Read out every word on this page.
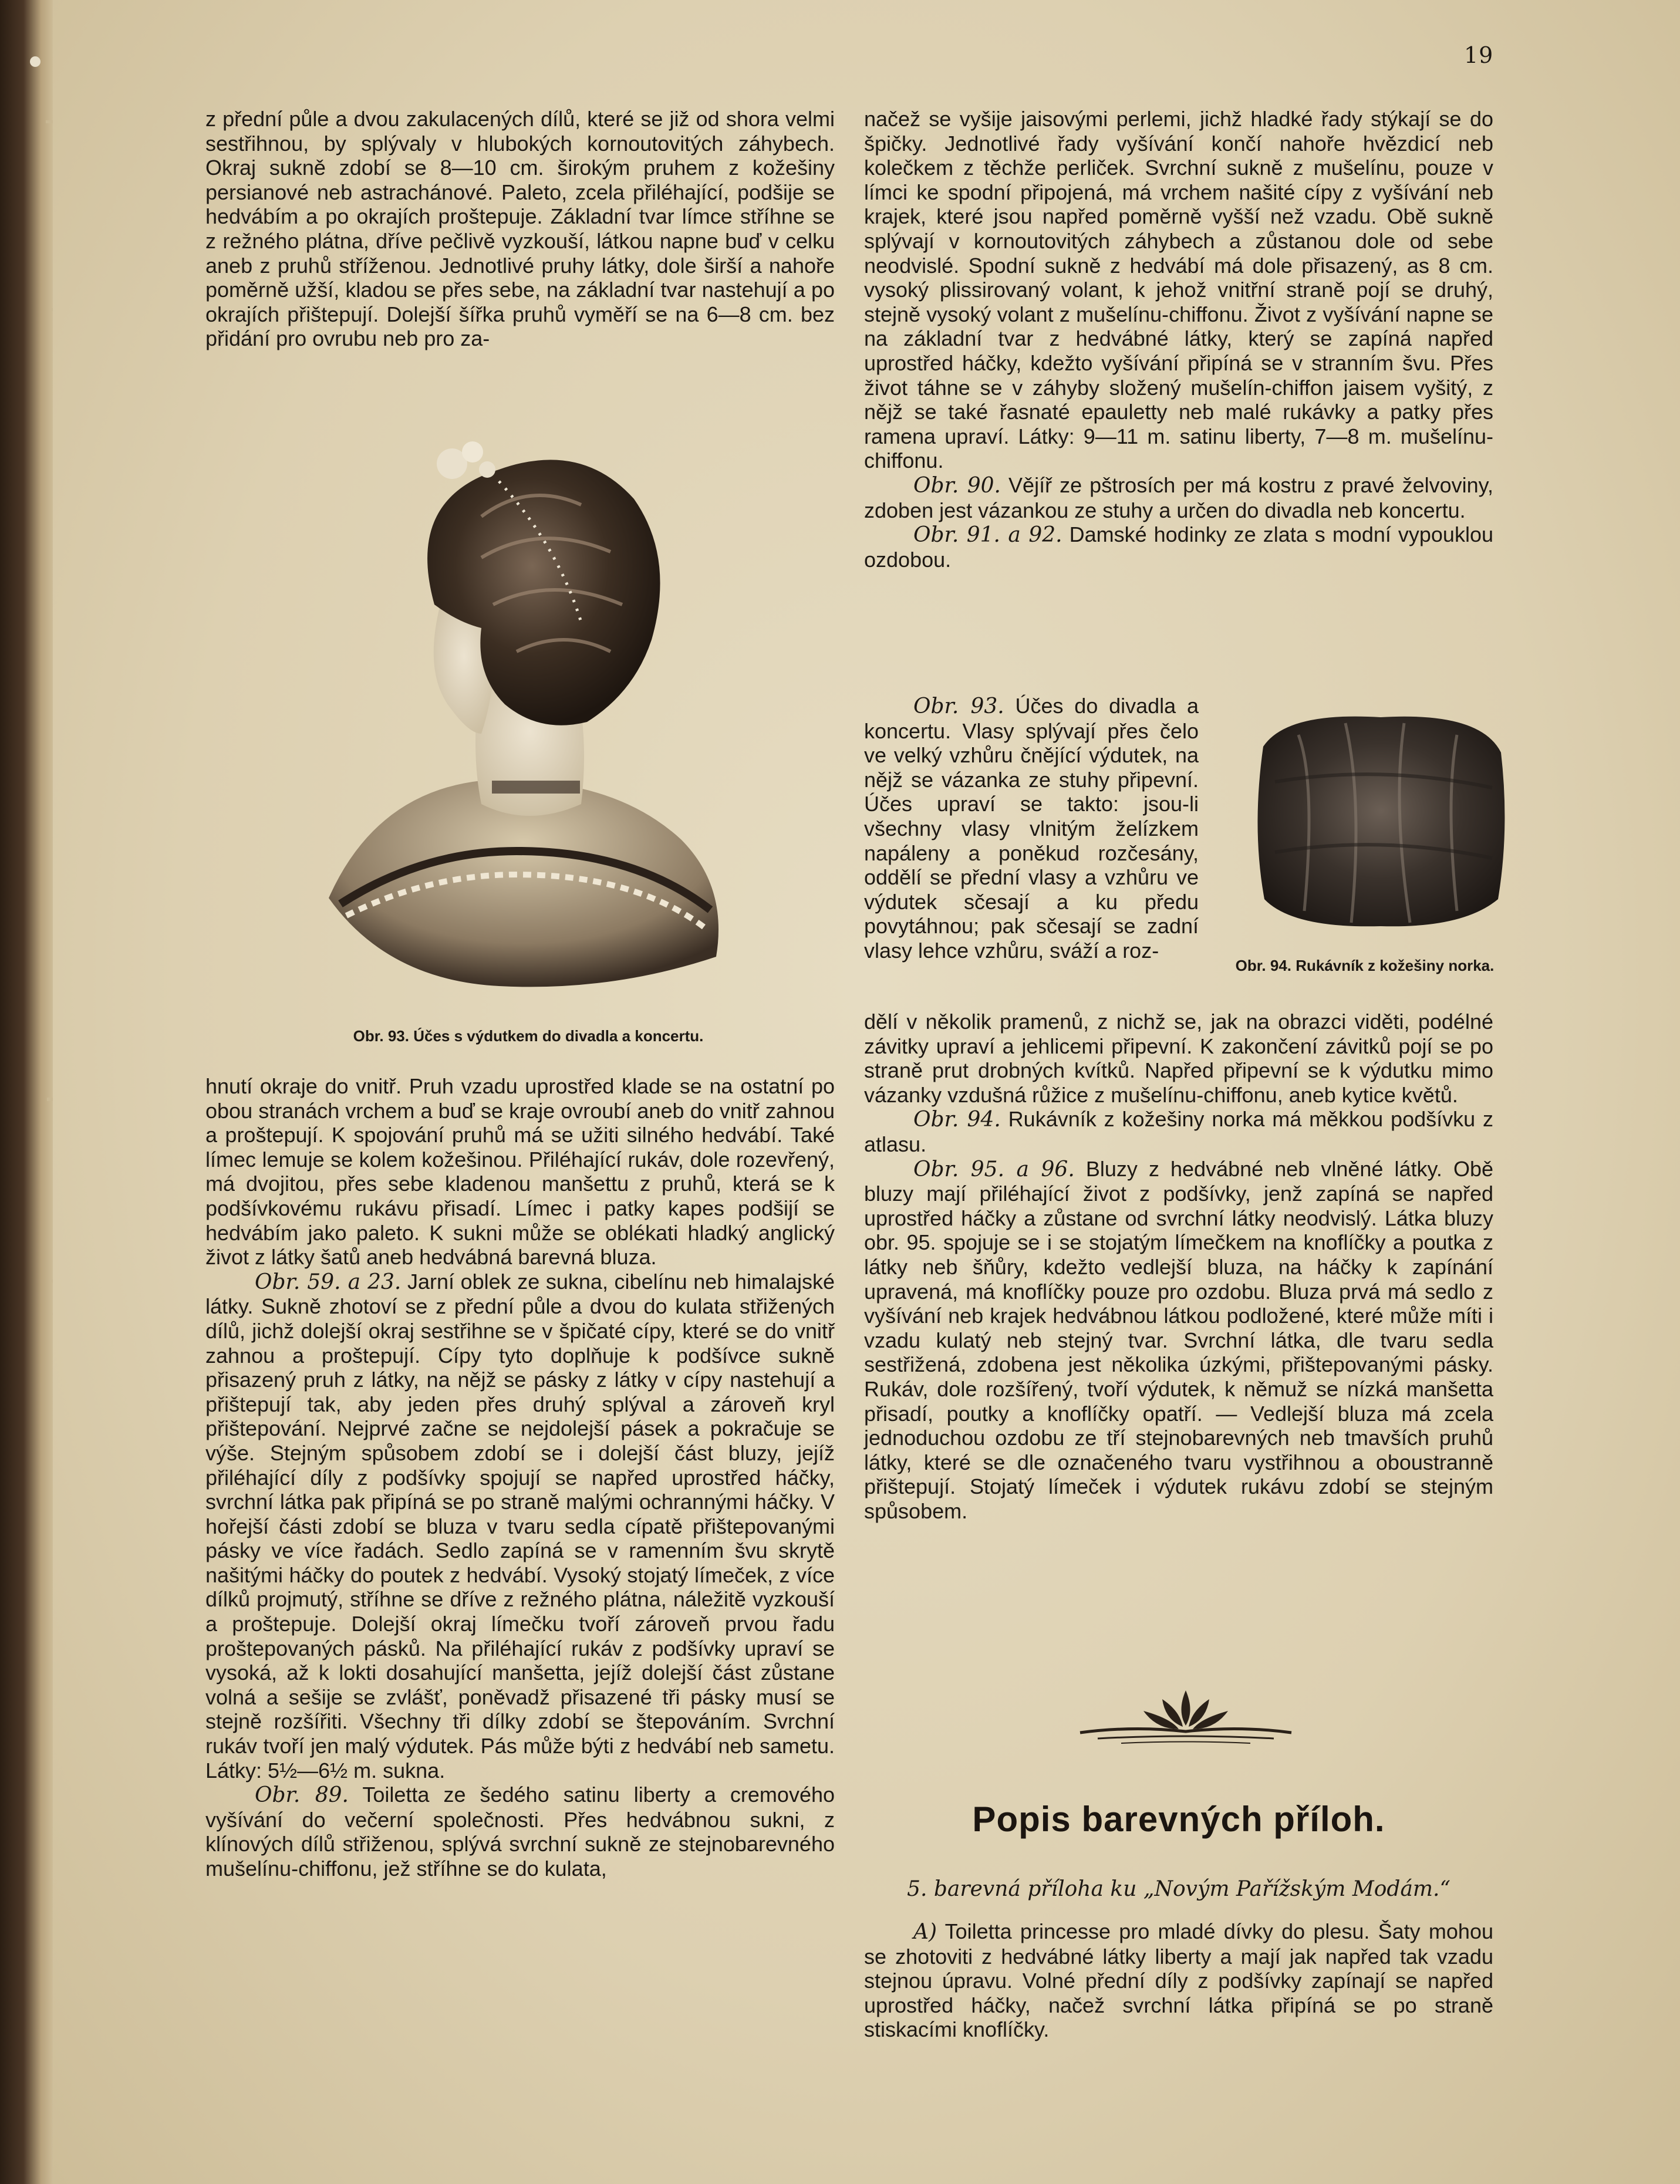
19

z přední půle a dvou zakulacených dílů, které se již od shora velmi sestřihnou, by splývaly v hlubokých kornoutovitých záhybech. Okraj sukně zdobí se 8—10 cm. širokým pruhem z kožešiny persianové neb astrachánové. Paleto, zcela přiléhající, podšije se hedvábím a po okrajích proštepuje. Základní tvar límce stříhne se z režného plátna, dříve pečlivě vyzkouší, látkou napne buď v celku aneb z pruhů stříženou. Jednotlivé pruhy látky, dole širší a nahoře poměrně užší, kladou se přes sebe, na základní tvar nastehují a po okrajích přištepují. Dolejší šířka pruhů vyměří se na 6—8 cm. bez přidání pro ovrubu neb pro za-

Obr. 93. Účes s výdutkem do divadla a koncertu.

hnutí okraje do vnitř. Pruh vzadu uprostřed klade se na ostatní po obou stranách vrchem a buď se kraje ovroubí aneb do vnitř zahnou a proštepují. K spojování pruhů má se užiti silného hedvábí. Také límec lemuje se kolem kožešinou. Přiléhající rukáv, dole rozevřený, má dvojitou, přes sebe kladenou manšettu z pruhů, která se k podšívkovému rukávu přisadí. Límec i patky kapes podšijí se hedvábím jako paleto. K sukni může se oblékati hladký anglický život z látky šatů aneb hedvábná barevná bluza.

Obr. 59. a 23. Jarní oblek ze sukna, cibelínu neb himalajské látky. Sukně zhotoví se z přední půle a dvou do kulata střižených dílů, jichž dolejší okraj sestřihne se v špičaté cípy, které se do vnitř zahnou a proštepují. Cípy tyto doplňuje k podšívce sukně přisazený pruh z látky, na nějž se pásky z látky v cípy nastehují a přištepují tak, aby jeden přes druhý splýval a zároveň kryl přištepování. Nejprvé začne se nejdolejší pásek a pokračuje se výše. Stejným spůsobem zdobí se i dolejší část bluzy, jejíž přiléhající díly z podšívky spojují se napřed uprostřed háčky, svrchní látka pak připíná se po straně malými ochrannými háčky. V hořejší části zdobí se bluza v tvaru sedla cípatě přištepovanými pásky ve více řadách. Sedlo zapíná se v ramenním švu skrytě našitými háčky do poutek z hedvábí. Vysoký stojatý límeček, z více dílků projmutý, stříhne se dříve z režného plátna, náležitě vyzkouší a proštepuje. Dolejší okraj límečku tvoří zároveň prvou řadu proštepovaných pásků. Na přiléhající rukáv z podšívky upraví se vysoká, až k lokti dosahující manšetta, jejíž dolejší část zůstane volná a sešije se zvlášť, poněvadž přisazené tři pásky musí se stejně rozšířiti. Všechny tři dílky zdobí se štepováním. Svrchní rukáv tvoří jen malý výdutek. Pás může býti z hedvábí neb sametu. Látky: 5½—6½ m. sukna.

Obr. 89. Toiletta ze šedého satinu liberty a cremového vyšívání do večerní společnosti. Přes hedvábnou sukni, z klínových dílů střiženou, splývá svrchní sukně ze stejnobarevného mušelínu-chiffonu, jež stříhne se do kulata,

načež se vyšije jaisovými perlemi, jichž hladké řady stýkají se do špičky. Jednotlivé řady vyšívání končí nahoře hvězdicí neb kolečkem z těchže perliček. Svrchní sukně z mušelínu, pouze v límci ke spodní připojená, má vrchem našité cípy z vyšívání neb krajek, které jsou napřed poměrně vyšší než vzadu. Obě sukně splývají v kornoutovitých záhybech a zůstanou dole od sebe neodvislé. Spodní sukně z hedvábí má dole přisazený, as 8 cm. vysoký plissirovaný volant, k jehož vnitřní straně pojí se druhý, stejně vysoký volant z mušelínu-chiffonu. Život z vyšívání napne se na základní tvar z hedvábné látky, který se zapíná napřed uprostřed háčky, kdežto vyšívání připíná se v stranním švu. Přes život táhne se v záhyby složený mušelín-chiffon jaisem vyšitý, z nějž se také řasnaté epauletty neb malé rukávky a patky přes ramena upraví. Látky: 9—11 m. satinu liberty, 7—8 m. mušelínu-chiffonu.

Obr. 90. Vějíř ze pštrosích per má kostru z pravé želvoviny, zdoben jest vázankou ze stuhy a určen do divadla neb koncertu.

Obr. 91. a 92. Damské hodinky ze zlata s modní vypouklou ozdobou.

Obr. 93. Účes do divadla a koncertu. Vlasy splývají přes čelo ve velký vzhůru čnějící výdutek, na nějž se vázanka ze stuhy připevní. Účes upraví se takto: jsou-li všechny vlasy vlnitým želízkem napáleny a poněkud rozčesány, oddělí se přední vlasy a vzhůru ve výdutek sčesají a ku předu povytáhnou; pak sčesají se zadní vlasy lehce vzhůru, sváží a roz-

Obr. 94. Rukávník z kožešiny norka.

dělí v několik pramenů, z nichž se, jak na obrazci viděti, podélné závitky upraví a jehlicemi připevní. K zakončení závitků pojí se po straně prut drobných kvítků. Napřed připevní se k výdutku mimo vázanky vzdušná růžice z mušelínu-chiffonu, aneb kytice květů.

Obr. 94. Rukávník z kožešiny norka má měkkou podšívku z atlasu.

Obr. 95. a 96. Bluzy z hedvábné neb vlněné látky. Obě bluzy mají přiléhající život z podšívky, jenž zapíná se napřed uprostřed háčky a zůstane od svrchní látky neodvislý. Látka bluzy obr. 95. spojuje se i se stojatým límečkem na knoflíčky a poutka z látky neb šňůry, kdežto vedlejší bluza, na háčky k zapínání upravená, má knoflíčky pouze pro ozdobu. Bluza prvá má sedlo z vyšívání neb krajek hedvábnou látkou podložené, které může míti i vzadu kulatý neb stejný tvar. Svrchní látka, dle tvaru sedla sestřižená, zdobena jest několika úzkými, přištepovanými pásky. Rukáv, dole rozšířený, tvoří výdutek, k němuž se nízká manšetta přisadí, poutky a knoflíčky opatří. — Vedlejší bluza má zcela jednoduchou ozdobu ze tří stejnobarevných neb tmavších pruhů látky, které se dle označeného tvaru vystřihnou a oboustranně přištepují. Stojatý límeček i výdutek rukávu zdobí se stejným spůsobem.

Popis barevných příloh.
5. barevná příloha ku „Novým Pařížským Modám.“

A) Toiletta princesse pro mladé dívky do plesu. Šaty mohou se zhotoviti z hedvábné látky liberty a mají jak napřed tak vzadu stejnou úpravu. Volné přední díly z podšívky zapínají se napřed uprostřed háčky, načež svrchní látka připíná se po straně stiskacími knoflíčky.
